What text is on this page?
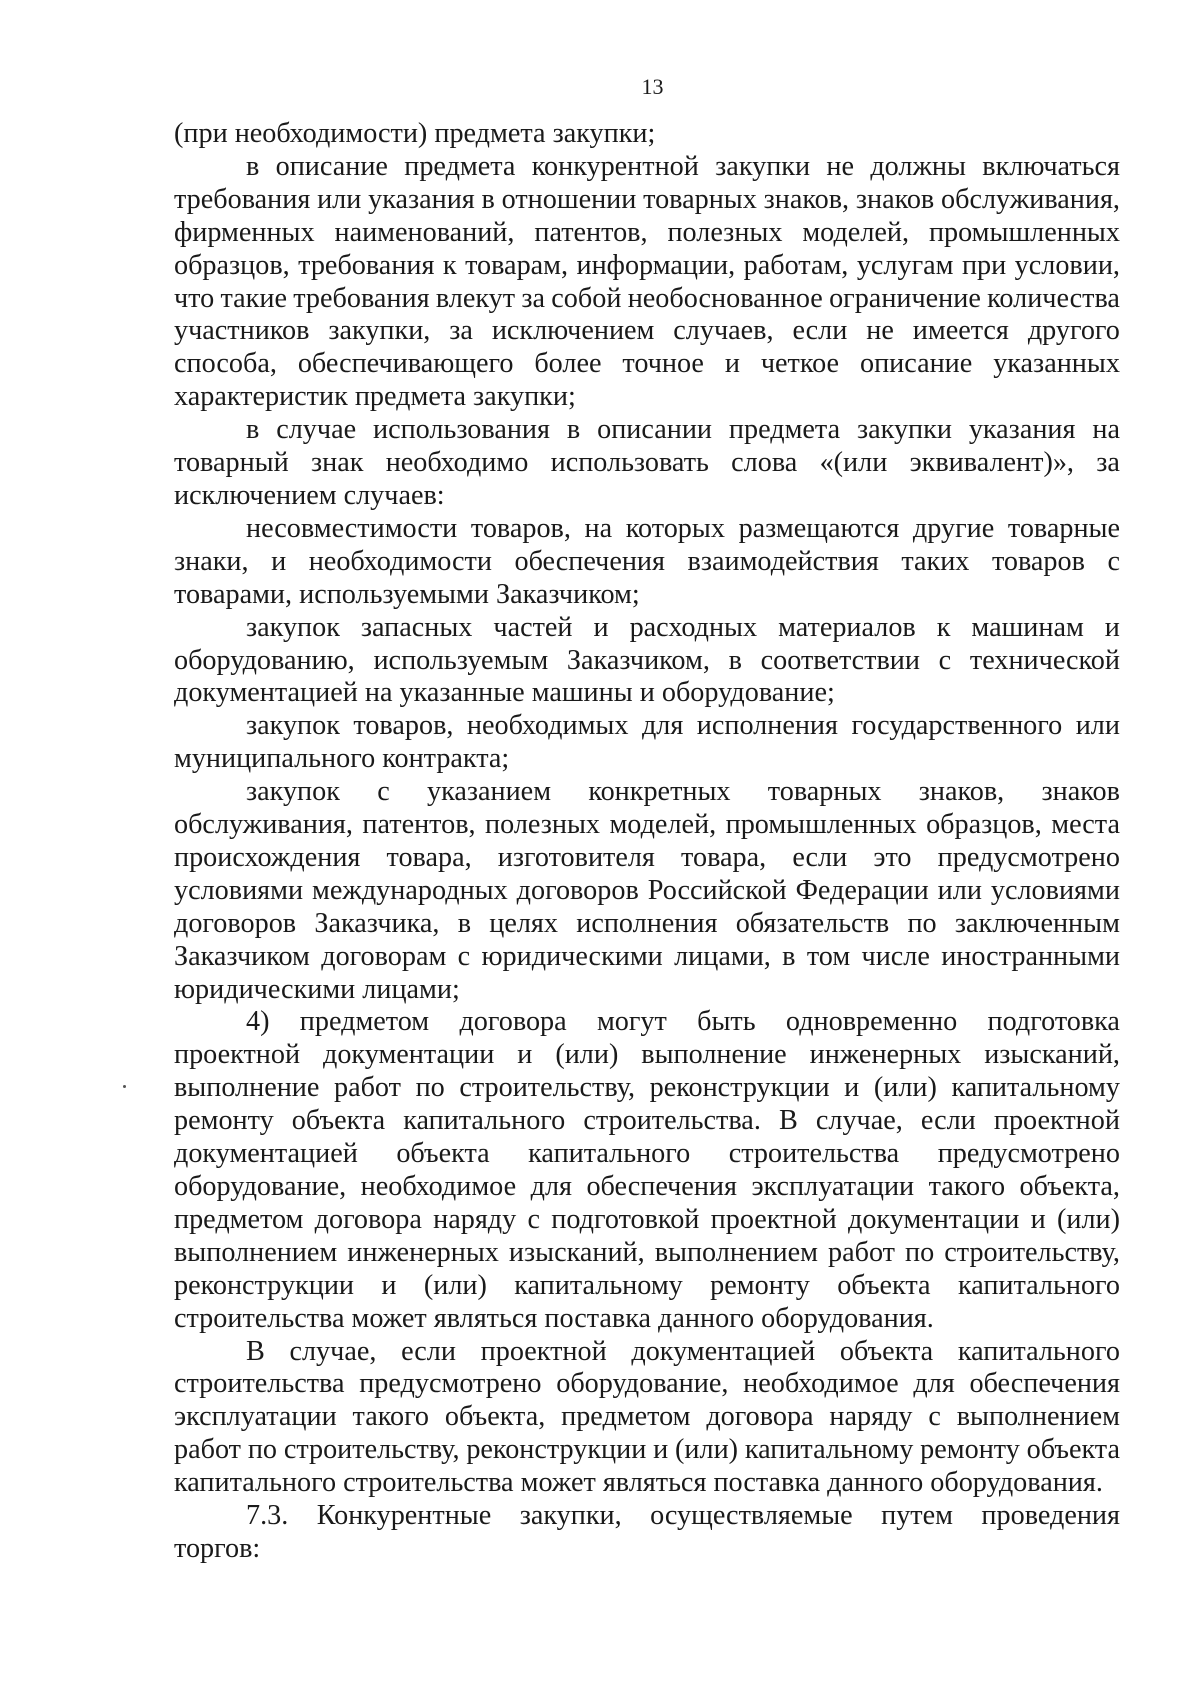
13
(при необходимости) предмета закупки;
в описание предмета конкурентной закупки не должны включаться
требования или указания в отношении товарных знаков, знаков обслуживания,
фирменных наименований, патентов, полезных моделей, промышленных
образцов, требования к товарам, информации, работам, услугам при условии,
что такие требования влекут за собой необоснованное ограничение количества
участников закупки, за исключением случаев, если не имеется другого
способа, обеспечивающего более точное и четкое описание указанных
характеристик предмета закупки;
в случае использования в описании предмета закупки указания на
товарный знак необходимо использовать слова «(или эквивалент)», за
исключением случаев:
несовместимости товаров, на которых размещаются другие товарные
знаки, и необходимости обеспечения взаимодействия таких товаров с
товарами, используемыми Заказчиком;
закупок запасных частей и расходных материалов к машинам и
оборудованию, используемым Заказчиком, в соответствии с технической
документацией на указанные машины и оборудование;
закупок товаров, необходимых для исполнения государственного или
муниципального контракта;
закупок с указанием конкретных товарных знаков, знаков
обслуживания, патентов, полезных моделей, промышленных образцов, места
происхождения товара, изготовителя товара, если это предусмотрено
условиями международных договоров Российской Федерации или условиями
договоров Заказчика, в целях исполнения обязательств по заключенным
Заказчиком договорам с юридическими лицами, в том числе иностранными
юридическими лицами;
4) предметом договора могут быть одновременно подготовка
проектной документации и (или) выполнение инженерных изысканий,
выполнение работ по строительству, реконструкции и (или) капитальному
ремонту объекта капитального строительства. В случае, если проектной
документацией объекта капитального строительства предусмотрено
оборудование, необходимое для обеспечения эксплуатации такого объекта,
предметом договора наряду с подготовкой проектной документации и (или)
выполнением инженерных изысканий, выполнением работ по строительству,
реконструкции и (или) капитальному ремонту объекта капитального
строительства может являться поставка данного оборудования.
В случае, если проектной документацией объекта капитального
строительства предусмотрено оборудование, необходимое для обеспечения
эксплуатации такого объекта, предметом договора наряду с выполнением
работ по строительству, реконструкции и (или) капитальному ремонту объекта
капитального строительства может являться поставка данного оборудования.
7.3. Конкурентные закупки, осуществляемые путем проведения
торгов:
